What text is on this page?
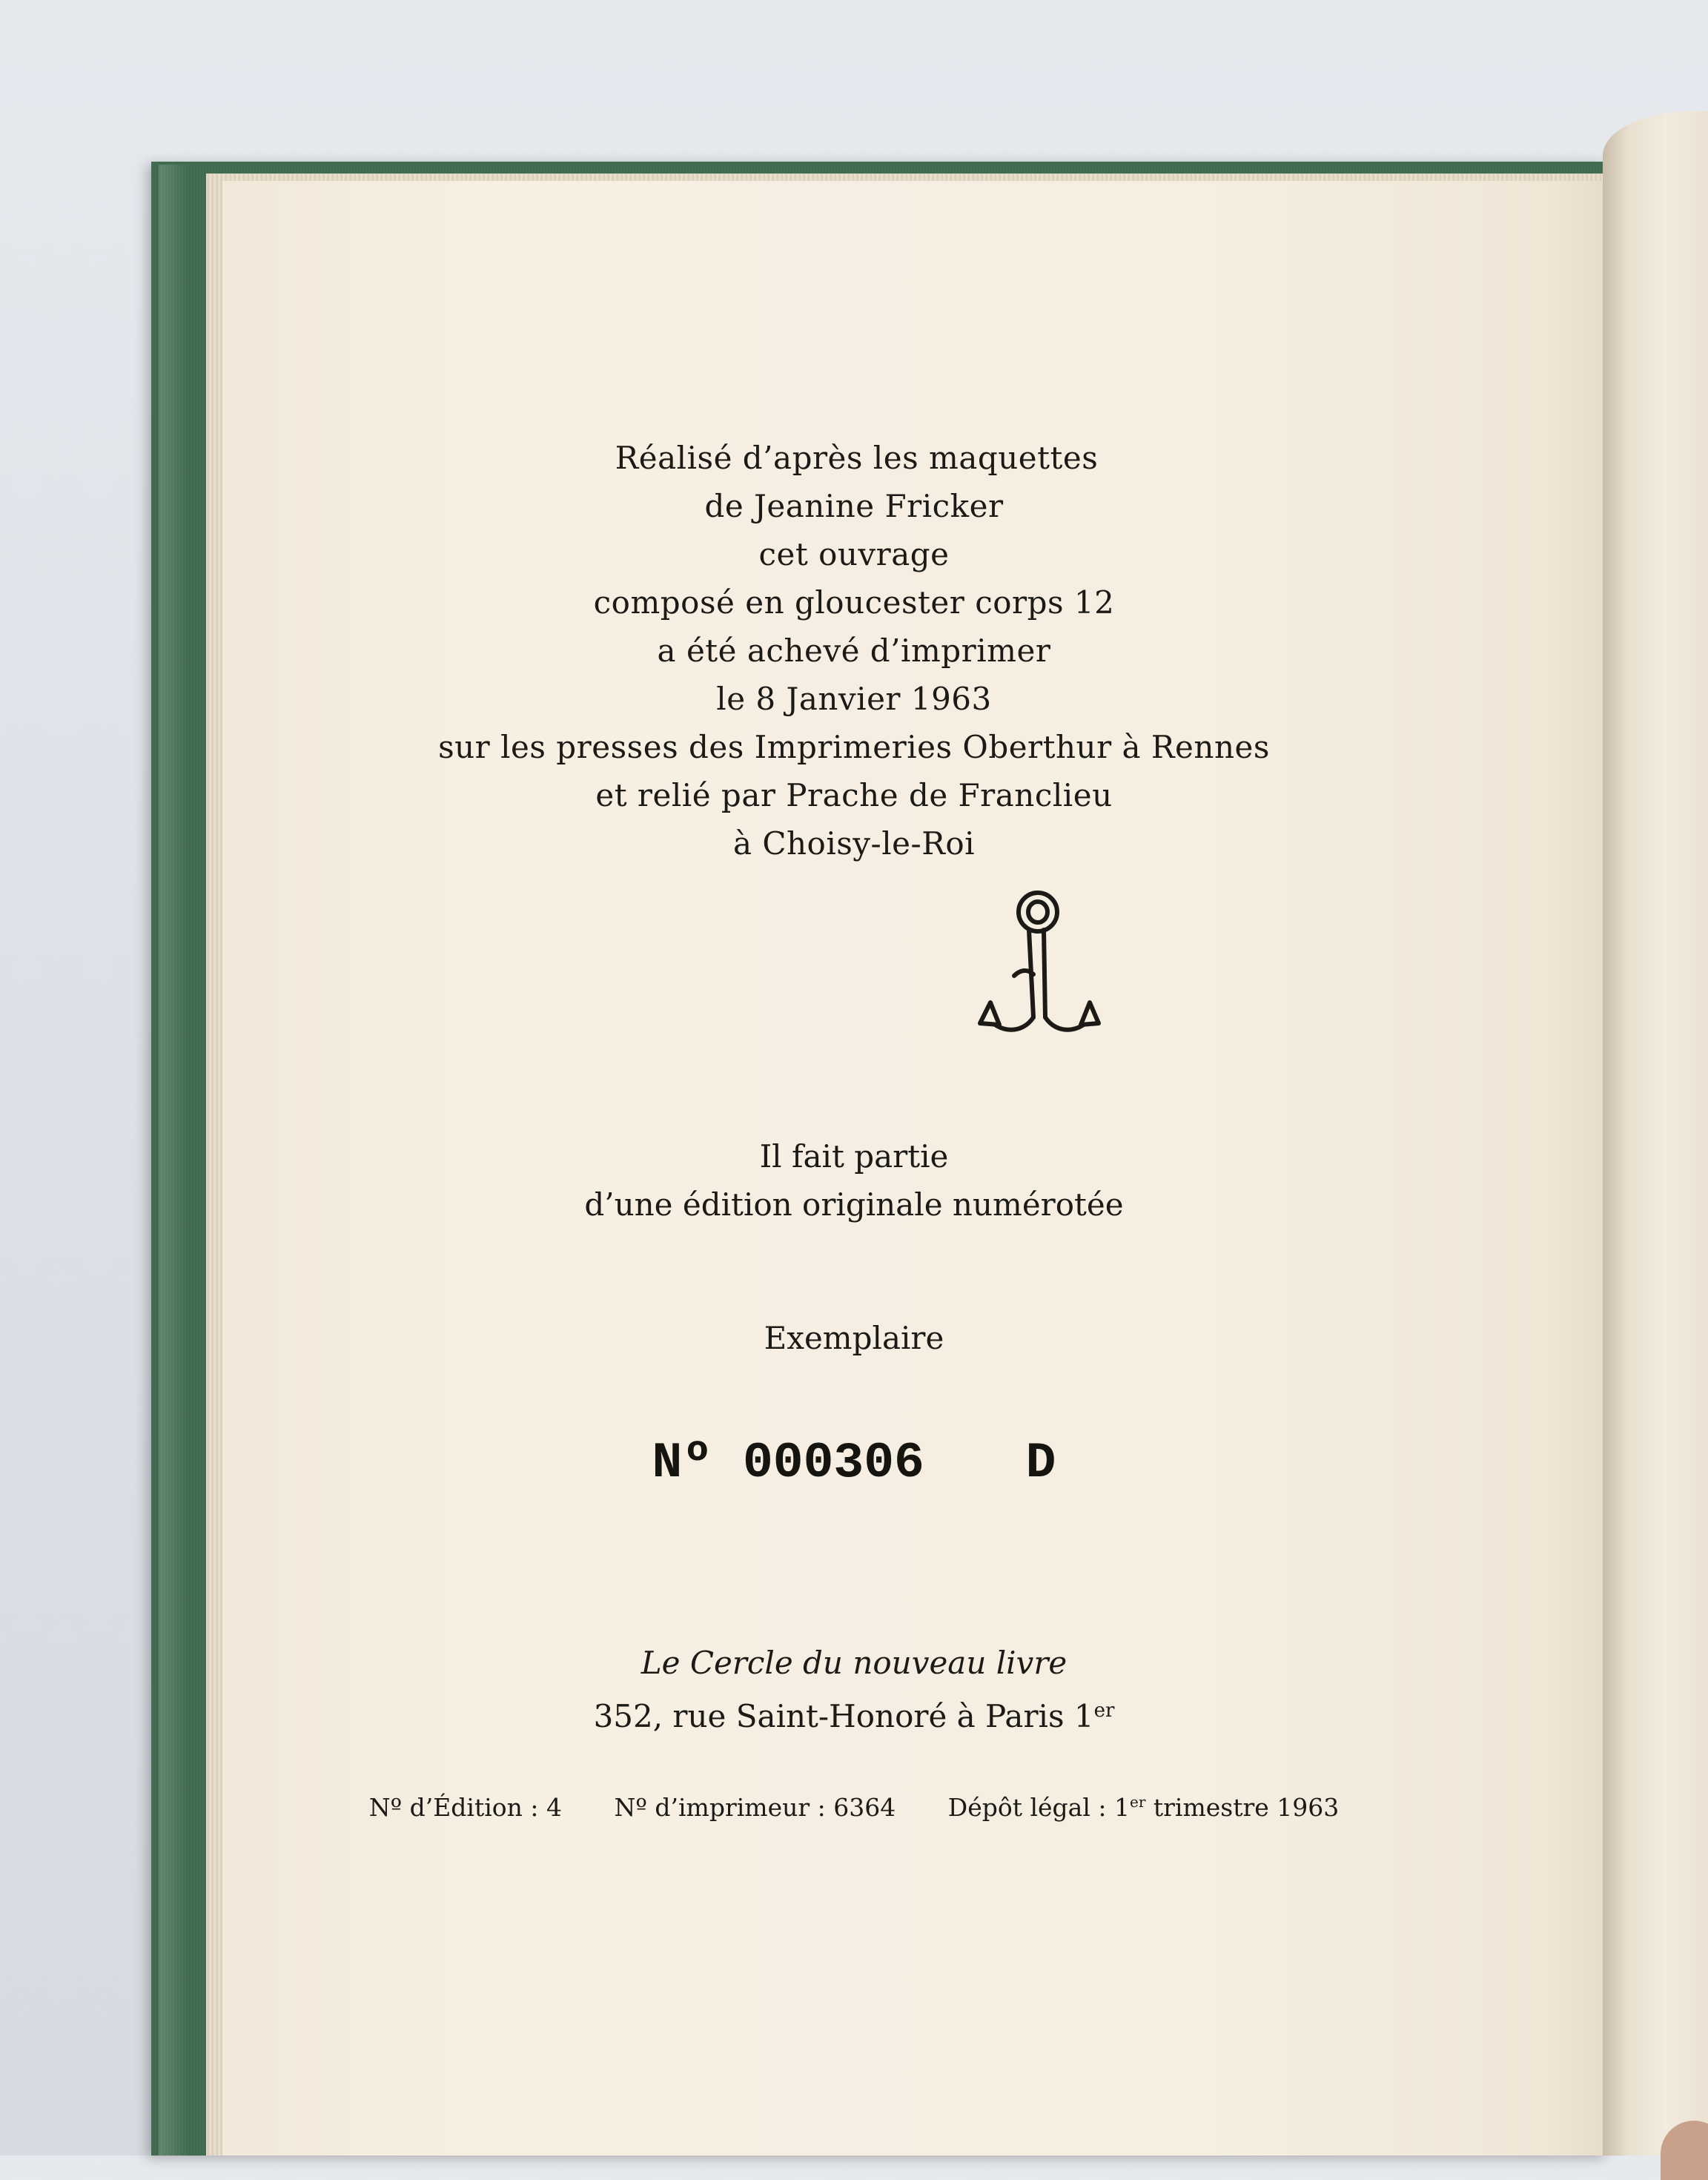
Réalisé d’après les maquettes
de Jeanine Fricker
cet ouvrage
composé en gloucester corps 12
a été achevé d’imprimer
le 8 Janvier 1963
sur les presses des Imprimeries Oberthur à Rennes
et relié par Prache de Franclieu
à Choisy-le-Roi
Il fait partie
d’une édition originale numérotée
Exemplaire
Nº 000306 D
Le Cercle du nouveau livre
352, rue Saint-Honoré à Paris 1er
Nº d’Édition : 4 Nº d’imprimeur : 6364 Dépôt légal : 1er trimestre 1963
